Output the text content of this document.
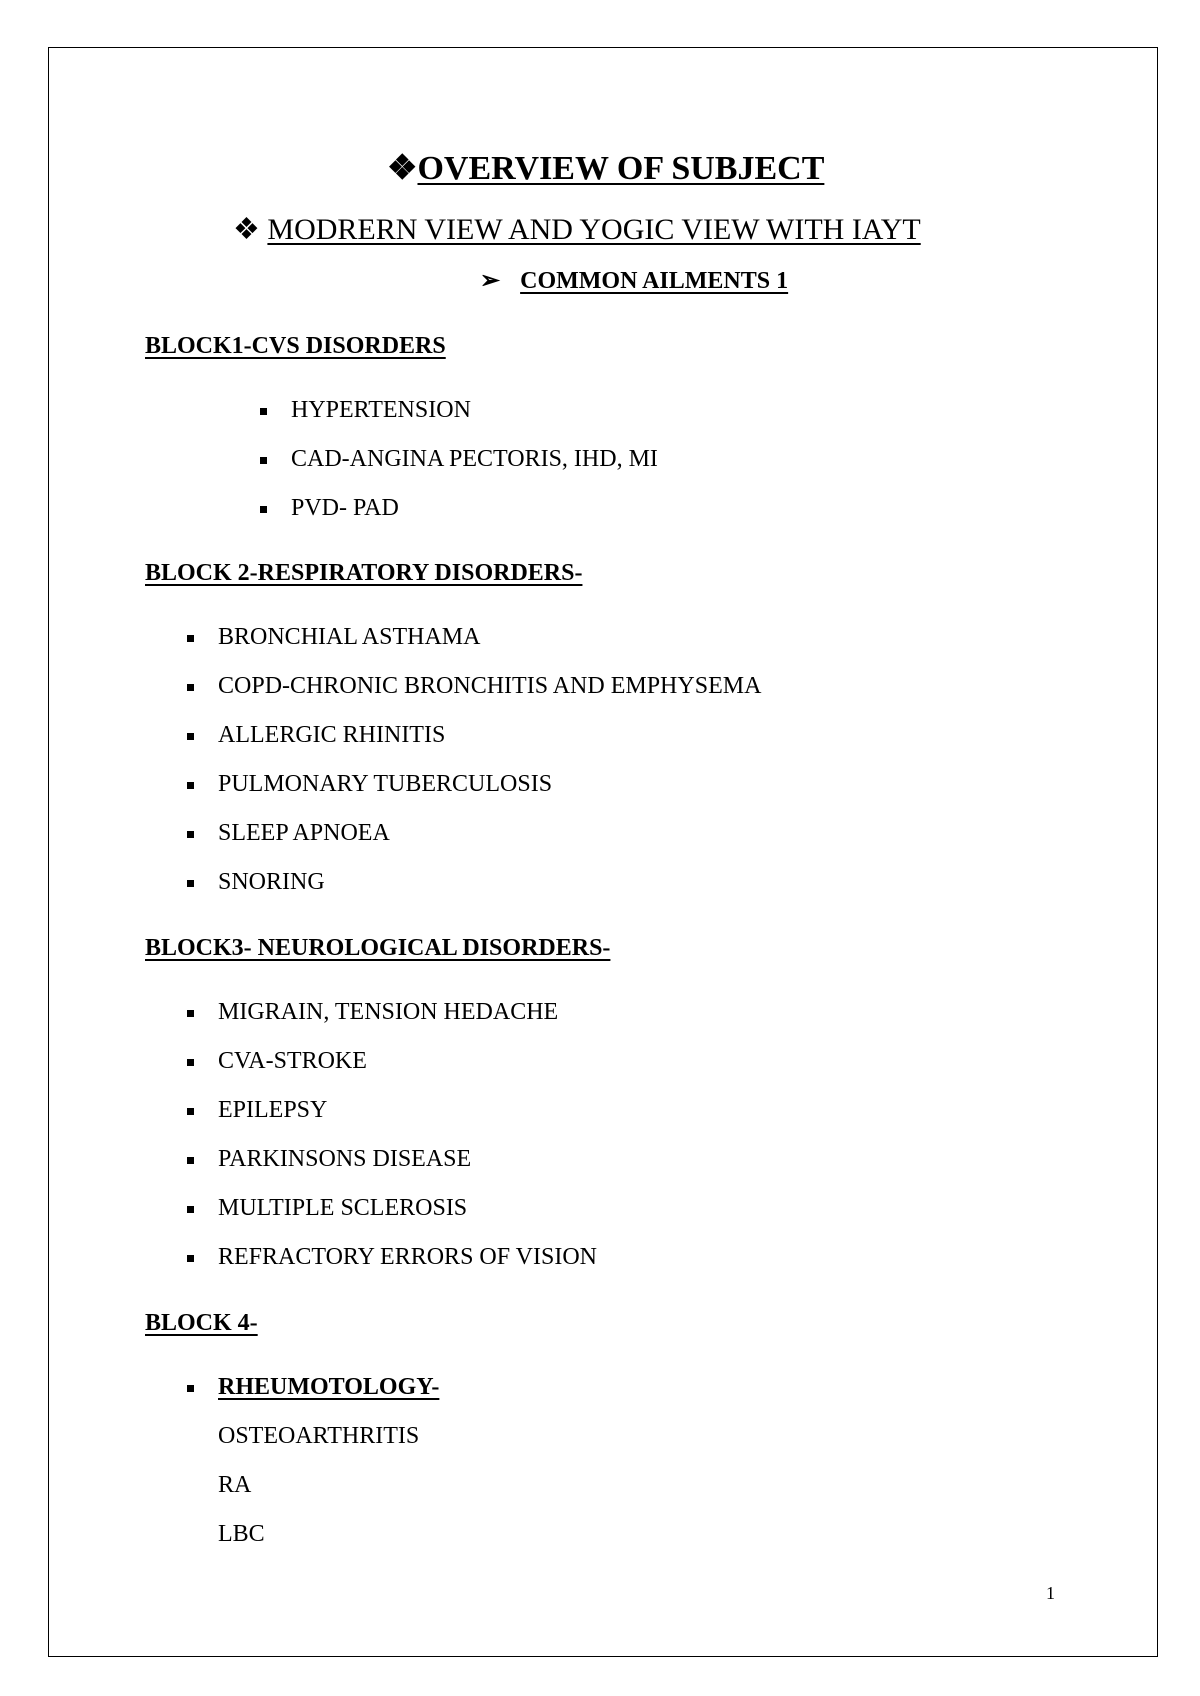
❖OVERVIEW OF SUBJECT
❖ MODRERN VIEW AND YOGIC VIEW WITH IAYT
➢ COMMON AILMENTS 1
BLOCK1-CVS DISORDERS
HYPERTENSION
CAD-ANGINA PECTORIS, IHD, MI
PVD- PAD
BLOCK 2-RESPIRATORY DISORDERS-
BRONCHIAL ASTHAMA
COPD-CHRONIC BRONCHITIS AND EMPHYSEMA
ALLERGIC RHINITIS
PULMONARY TUBERCULOSIS
SLEEP APNOEA
SNORING
BLOCK3- NEUROLOGICAL DISORDERS-
MIGRAIN, TENSION HEDACHE
CVA-STROKE
EPILEPSY
PARKINSONS DISEASE
MULTIPLE SCLEROSIS
REFRACTORY ERRORS OF VISION
BLOCK 4-
RHEUMOTOLOGY-
OSTEOARTHRITIS
RA
LBC
1
